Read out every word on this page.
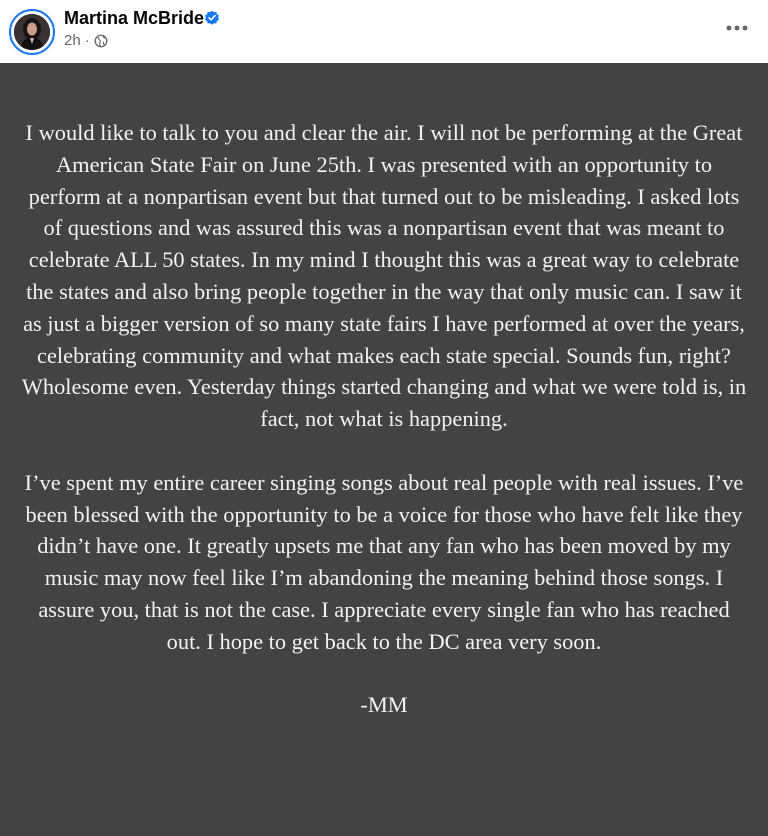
Martina McBride
2h ·

I would like to talk to you and clear the air. I will not be performing at the Great American State Fair on June 25th. I was presented with an opportunity to perform at a nonpartisan event but that turned out to be misleading. I asked lots of questions and was assured this was a nonpartisan event that was meant to celebrate ALL 50 states. In my mind I thought this was a great way to celebrate the states and also bring people together in the way that only music can. I saw it as just a bigger version of so many state fairs I have performed at over the years, celebrating community and what makes each state special. Sounds fun, right? Wholesome even. Yesterday things started changing and what we were told is, in fact, not what is happening.

I’ve spent my entire career singing songs about real people with real issues. I’ve been blessed with the opportunity to be a voice for those who have felt like they didn’t have one. It greatly upsets me that any fan who has been moved by my music may now feel like I’m abandoning the meaning behind those songs. I assure you, that is not the case. I appreciate every single fan who has reached out. I hope to get back to the DC area very soon.

-MM
